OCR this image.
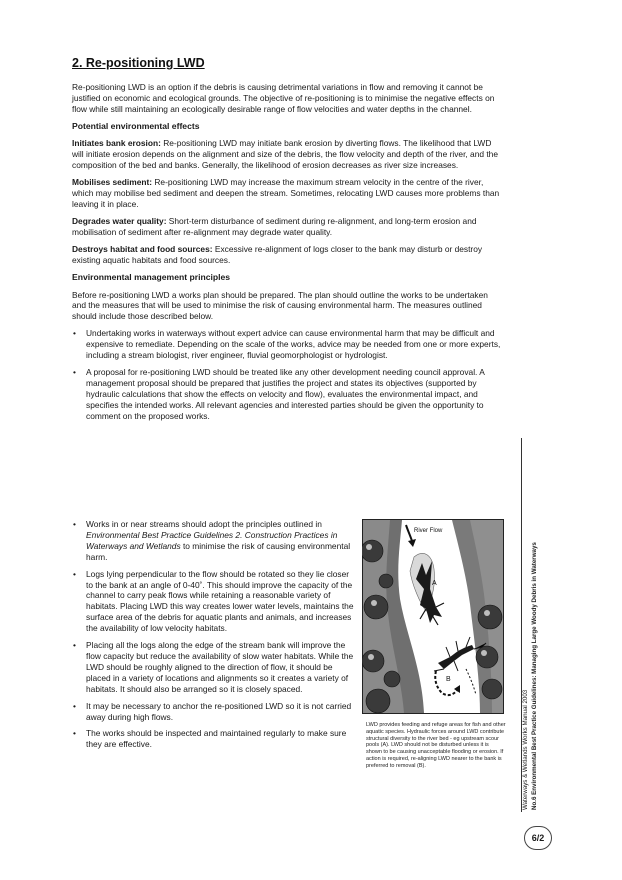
2. Re-positioning LWD

Re-positioning LWD is an option if the debris is causing detrimental variations in flow and removing it cannot be justified on economic and ecological grounds. The objective of re-positioning is to minimise the negative effects on flow while still maintaining an ecologically desirable range of flow velocities and water depths in the channel.

Potential environmental effects

Initiates bank erosion: Re-positioning LWD may initiate bank erosion by diverting flows. The likelihood that LWD will initiate erosion depends on the alignment and size of the debris, the flow velocity and depth of the river, and the composition of the bed and banks. Generally, the likelihood of erosion decreases as river size increases.

Mobilises sediment: Re-positioning LWD may increase the maximum stream velocity in the centre of the river, which may mobilise bed sediment and deepen the stream. Sometimes, relocating LWD causes more problems than leaving it in place.

Degrades water quality: Short-term disturbance of sediment during re-alignment, and long-term erosion and mobilisation of sediment after re-alignment may degrade water quality.

Destroys habitat and food sources: Excessive re-alignment of logs closer to the bank may disturb or destroy existing aquatic habitats and food sources.

Environmental management principles

Before re-positioning LWD a works plan should be prepared. The plan should outline the works to be undertaken and the measures that will be used to minimise the risk of causing environmental harm. The measures outlined should include those described below.

• Undertaking works in waterways without expert advice can cause environmental harm that may be difficult and expensive to remediate. Depending on the scale of the works, advice may be needed from one or more experts, including a stream biologist, river engineer, fluvial geomorphologist or hydrologist.
• A proposal for re-positioning LWD should be treated like any other development needing council approval. A management proposal should be prepared that justifies the project and states its objectives (supported by hydraulic calculations that show the effects on velocity and flow), evaluates the environmental impact, and specifies the intended works. All relevant agencies and interested parties should be given the opportunity to comment on the proposed works.
• Works in or near streams should adopt the principles outlined in Environmental Best Practice Guidelines 2. Construction Practices in Waterways and Wetlands to minimise the risk of causing environmental harm.
• Logs lying perpendicular to the flow should be rotated so they lie closer to the bank at an angle of 0-40˚. This should improve the capacity of the channel to carry peak flows while retaining a reasonable variety of habitats. Placing LWD this way creates lower water levels, maintains the surface area of the debris for aquatic plants and animals, and increases the availability of low velocity habitats.
• Placing all the logs along the edge of the stream bank will improve the flow capacity but reduce the availability of slow water habitats. While the LWD should be roughly aligned to the direction of flow, it should be placed in a variety of locations and alignments so it creates a variety of habitats. It should also be arranged so it is closely spaced.
• It may be necessary to anchor the re-positioned LWD so it is not carried away during high flows.
• The works should be inspected and maintained regularly to make sure they are effective.
River Flow
A
B
LWD provides feeding and refuge areas for fish and other aquatic species. Hydraulic forces around LWD contribute structural diversity to the river bed - eg upstream scour pools (A). LWD should not be disturbed unless it is shown to be causing unacceptable flooding or erosion. If action is required, re-aligning LWD nearer to the bank is preferred to removal (B).	Waterways & Wetlands Works Manual 2003 No.6 Environmental Best Practice Guidelines: Managing Large Woody Debris in Waterways
6/2
